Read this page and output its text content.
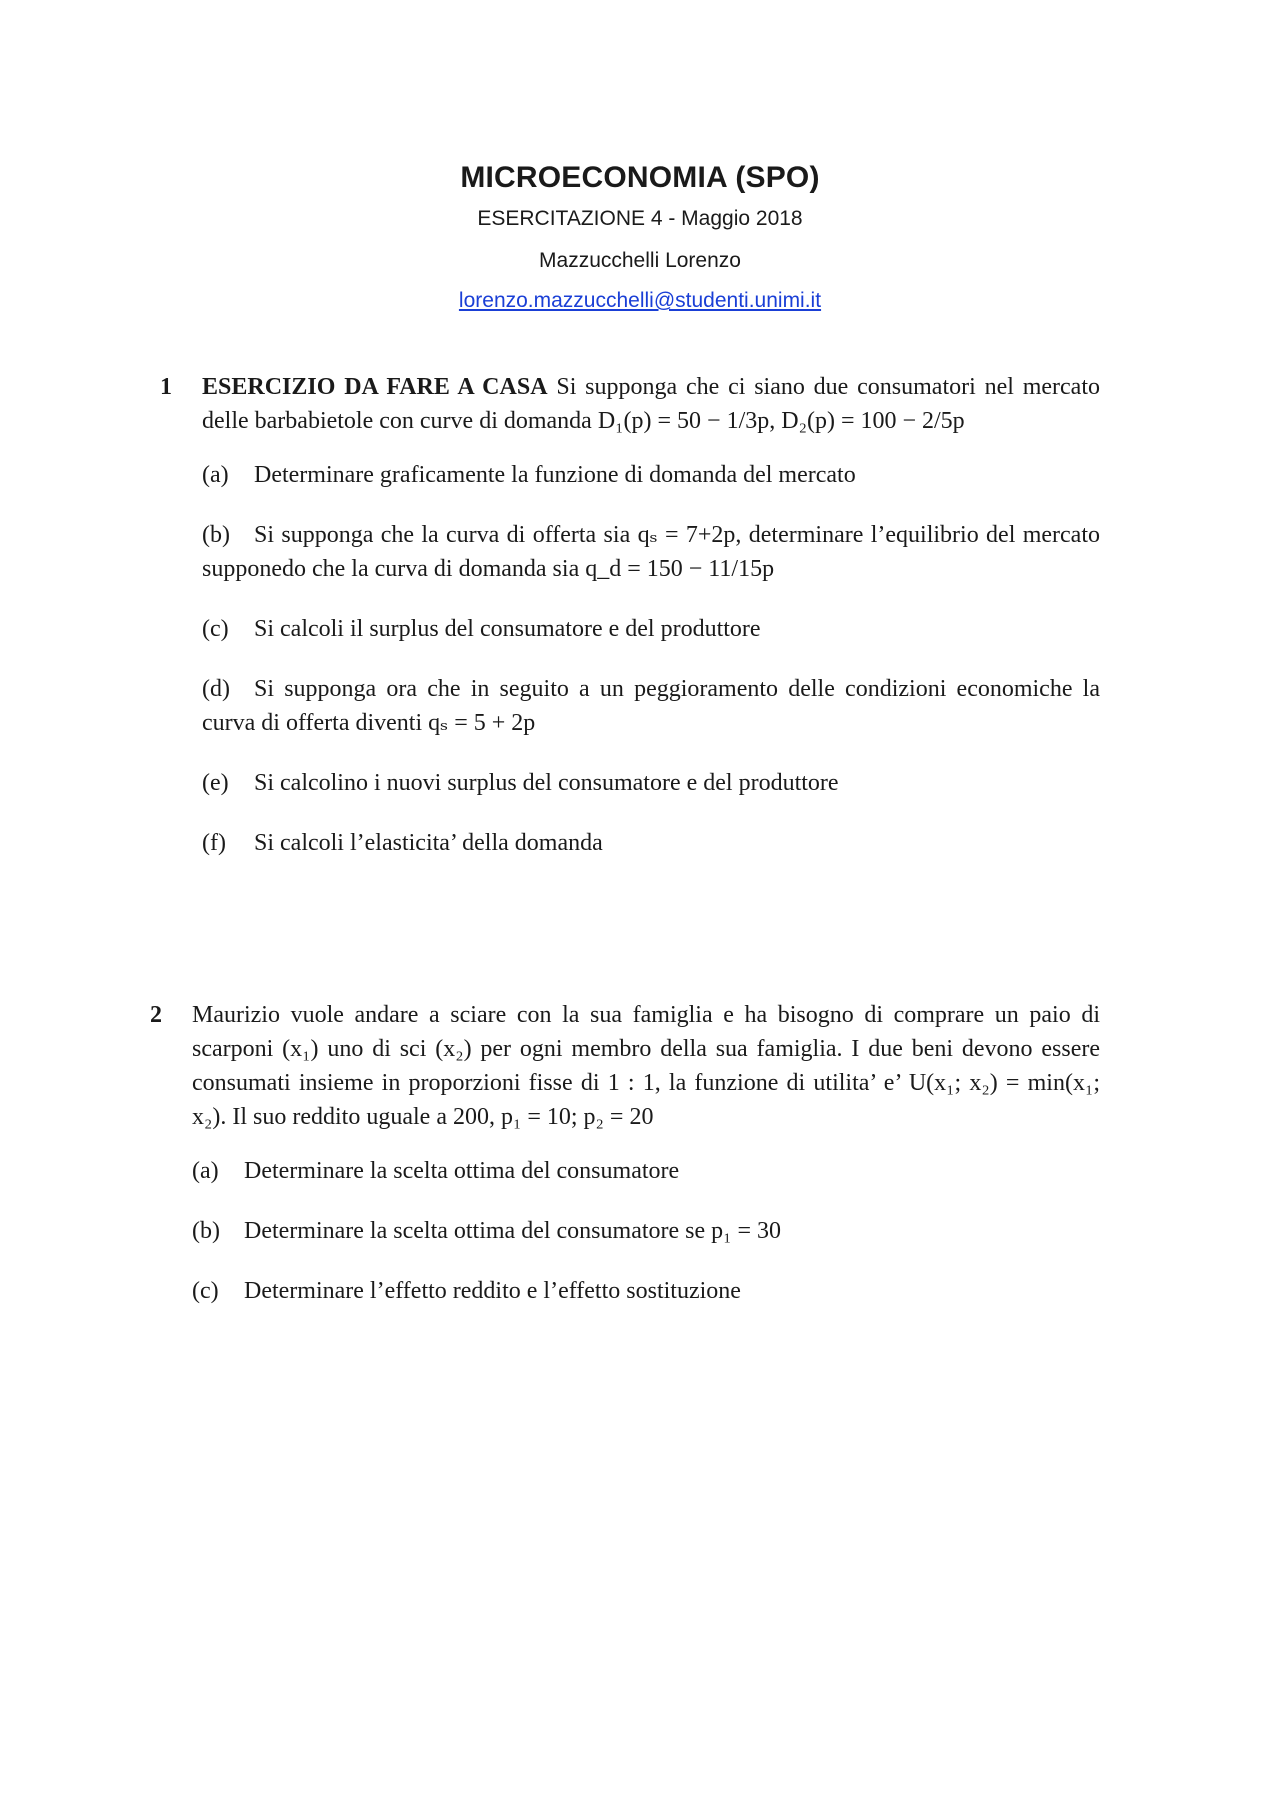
MICROECONOMIA (SPO)
ESERCITAZIONE 4 - Maggio 2018
Mazzucchelli Lorenzo
lorenzo.mazzucchelli@studenti.unimi.it
1 ESERCIZIO DA FARE A CASA Si supponga che ci siano due consumatori nel mercato delle barbabietole con curve di domanda D₁(p) = 50 − 1/3p, D₂(p) = 100 − 2/5p
(a) Determinare graficamente la funzione di domanda del mercato
(b) Si supponga che la curva di offerta sia qₛ = 7+2p, determinare l’equilibrio del mercato supponedo che la curva di domanda sia q_d = 150 − 11/15p
(c) Si calcoli il surplus del consumatore e del produttore
(d) Si supponga ora che in seguito a un peggioramento delle condizioni economiche la curva di offerta diventi qₛ = 5 + 2p
(e) Si calcolino i nuovi surplus del consumatore e del produttore
(f) Si calcoli l’elasticita’ della domanda
2 Maurizio vuole andare a sciare con la sua famiglia e ha bisogno di comprare un paio di scarponi (x₁) uno di sci (x₂) per ogni membro della sua famiglia. I due beni devono essere consumati insieme in proporzioni fisse di 1 : 1, la funzione di utilita’ e’ U(x₁; x₂) = min(x₁; x₂). Il suo reddito uguale a 200, p₁ = 10; p₂ = 20
(a) Determinare la scelta ottima del consumatore
(b) Determinare la scelta ottima del consumatore se p₁ = 30
(c) Determinare l’effetto reddito e l’effetto sostituzione
